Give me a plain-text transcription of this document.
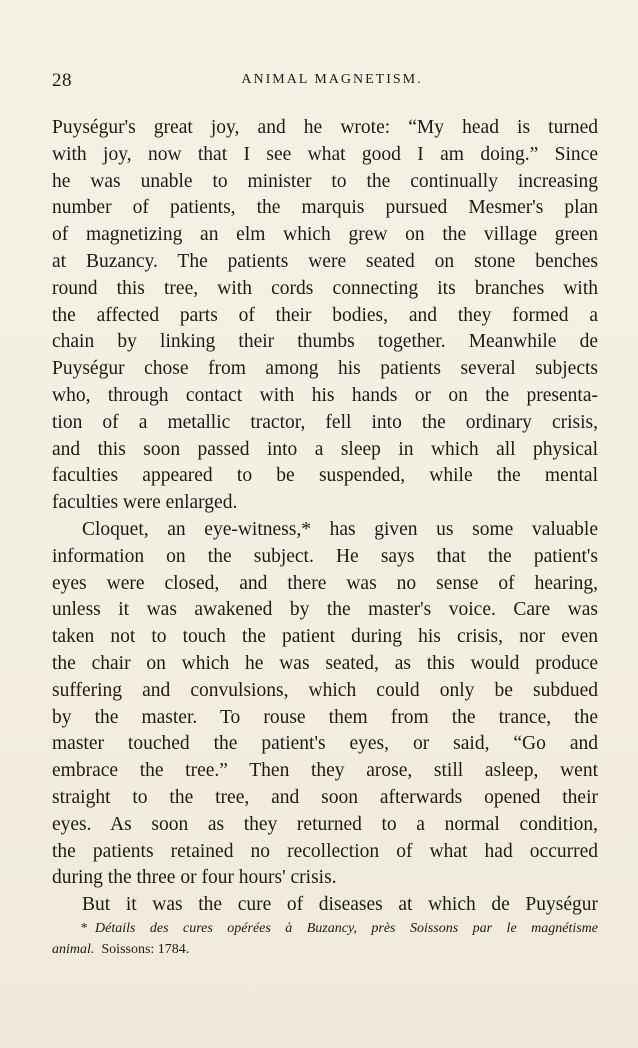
28	ANIMAL MAGNETISM.
Puységur's great joy, and he wrote: “My head is turned
with joy, now that I see what good I am doing.” Since
he was unable to minister to the continually increasing
number of patients, the marquis pursued Mesmer's plan
of magnetizing an elm which grew on the village green
at Buzancy. The patients were seated on stone benches
round this tree, with cords connecting its branches with
the affected parts of their bodies, and they formed a
chain by linking their thumbs together. Meanwhile de
Puységur chose from among his patients several subjects
who, through contact with his hands or on the presenta-
tion of a metallic tractor, fell into the ordinary crisis,
and this soon passed into a sleep in which all physical
faculties appeared to be suspended, while the mental
faculties were enlarged.
Cloquet, an eye-witness,* has given us some valuable
information on the subject. He says that the patient's
eyes were closed, and there was no sense of hearing,
unless it was awakened by the master's voice. Care was
taken not to touch the patient during his crisis, nor even
the chair on which he was seated, as this would produce
suffering and convulsions, which could only be subdued
by the master. To rouse them from the trance, the
master touched the patient's eyes, or said, “Go and
embrace the tree.” Then they arose, still asleep, went
straight to the tree, and soon afterwards opened their
eyes. As soon as they returned to a normal condition,
the patients retained no recollection of what had occurred
during the three or four hours' crisis.
But it was the cure of diseases at which de Puységur
* Détails des cures opérées à Buzancy, près Soissons par le magnétisme
animal. Soissons: 1784.
